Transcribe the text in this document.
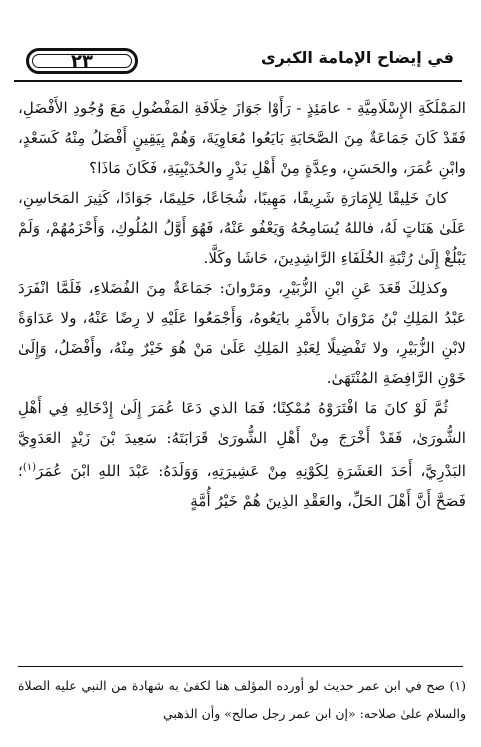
٢٣	في إيضاح الإمامة الكبرى

المَمْلَكَةِ الإِسْلَامِيَّةِ - عامَئِذٍ - رَأَوْا جَوَازَ خِلَافَةِ المَفْضُولِ مَعَ وُجُودِ الأَفْضَلِ، فَقَدْ كَانَ جَمَاعَةٌ مِنَ الصَّحَابَةِ بَايَعُوا مُعَاوِيَةَ، وَهُمْ بِيَقِينٍ أَفْضَلُ مِنْهُ كَسَعْدٍ، وابْنِ عُمَرَ، والحَسَنِ، وعِدَّةٍ مِنْ أَهْلِ بَدْرٍ والحُدَيْبِيَةِ، فَكَانَ مَاذَا؟

كانَ خَلِيقًا لِلإِمَارَةِ شَرِيفًا، مَهِيبًا، شُجَاعًا، حَلِيمًا، جَوَادًا، كَثِيرَ المَحَاسِنِ، عَلَىٰ هَنَاتٍ لَهُ، فاللهُ يُسَامِحُهُ وَيَعْفُو عَنْهُ، فَهُوَ أَوَّلُ المُلُوكِ، وَأَحْزَمُهُمْ، وَلَمْ يَبْلُغْ إِلَىٰ رُتْبَةِ الخُلَفَاءِ الرَّاشِدِينَ، حَاشَا وكَلَّا.

وكذلِكَ قَعَدَ عَنِ ابْنِ الزُّبَيْرِ، ومَرْوانَ: جَمَاعَةٌ مِنَ الفُضَلاءِ، فَلَمَّا انْفَرَدَ عَبْدُ المَلِكِ بْنُ مَرْوَانَ بالأَمْرِ بايَعُوهُ، وَأَجْمَعُوا عَلَيْهِ لا رِضًا عَنْهُ، ولا عَدَاوَةً لابْنِ الزُّبَيْرِ، ولا تَفْضِيلًا لِعَبْدِ المَلِكِ عَلَىٰ مَنْ هُوَ خَيْرٌ مِنْهُ، وأَفْضَلُ، وَإِلَىٰ خَوْنِ الرَّافِضَةِ المُنْتَهَىٰ.

ثُمَّ لَوْ كانَ مَا افْتَرَوْهُ مُمْكِنًا؛ فَمَا الذي دَعَا عُمَرَ إِلَىٰ إِدْخَالِهِ فِي أَهْلِ الشُّورَىٰ، فَقَدْ أَخْرَجَ مِنْ أَهْلِ الشُّورَىٰ قَرَابَتَهُ: سَعِيدَ بْنَ زَيْدٍ العَدَوِيَّ البَدْرِيَّ، أَحَدَ العَشَرَةِ لِكَوْنِهِ مِنْ عَشِيرَتِهِ، وَوَلَدَهُ: عَبْدَ اللهِ ابْنَ عُمَرَ$^{(١)}$؛ فَصَحَّ أَنَّ أَهْلَ الحَلِّ، والعَقْدِ الذِينَ هُمْ خَيْرُ أُمَّةٍ

(١) صح في ابن عمر حديث لو أورده المؤلف هنا لكفىٰ به شهادة من النبي عليه الصلاة والسلام علىٰ صلاحه: «إن ابن عمر رجل صالح» وأن الذهبي
